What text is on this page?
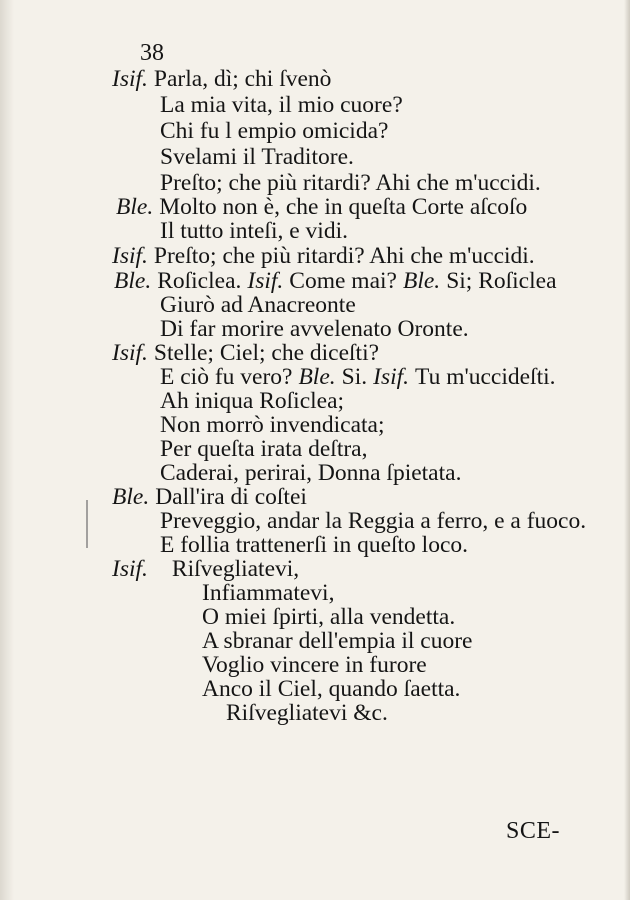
38
Isif. Parla, dì; chi ſvenò
La mia vita, il mio cuore?
Chi fu l empio omicida?
Svelami il Traditore.
Preſto; che più ritardi? Ahi che m'uccidi.
Ble. Molto non è, che in queſta Corte aſcoſo
Il tutto inteſi, e vidi.
Isif. Preſto; che più ritardi? Ahi che m'uccidi.
Ble. Roſiclea. Isif. Come mai? Ble. Si; Roſiclea
Giurò ad Anacreonte
Di far morire avvelenato Oronte.
Isif. Stelle; Ciel; che diceſti?
E ciò fu vero? Ble. Si. Isif. Tu m'uccideſti.
Ah iniqua Roſiclea;
Non morrò invendicata;
Per queſta irata deſtra,
Caderai, perirai, Donna ſpietata.
Ble. Dall'ira di coſtei
Preveggio, andar la Reggia a ferro, e a fuoco.
E follia trattenerſi in queſto loco.
Isif. Riſvegliatevi,
Infiammatevi,
O miei ſpirti, alla vendetta.
A sbranar dell'empia il cuore
Voglio vincere in furore
Anco il Ciel, quando ſaetta.
Riſvegliatevi &c.
SCE-
